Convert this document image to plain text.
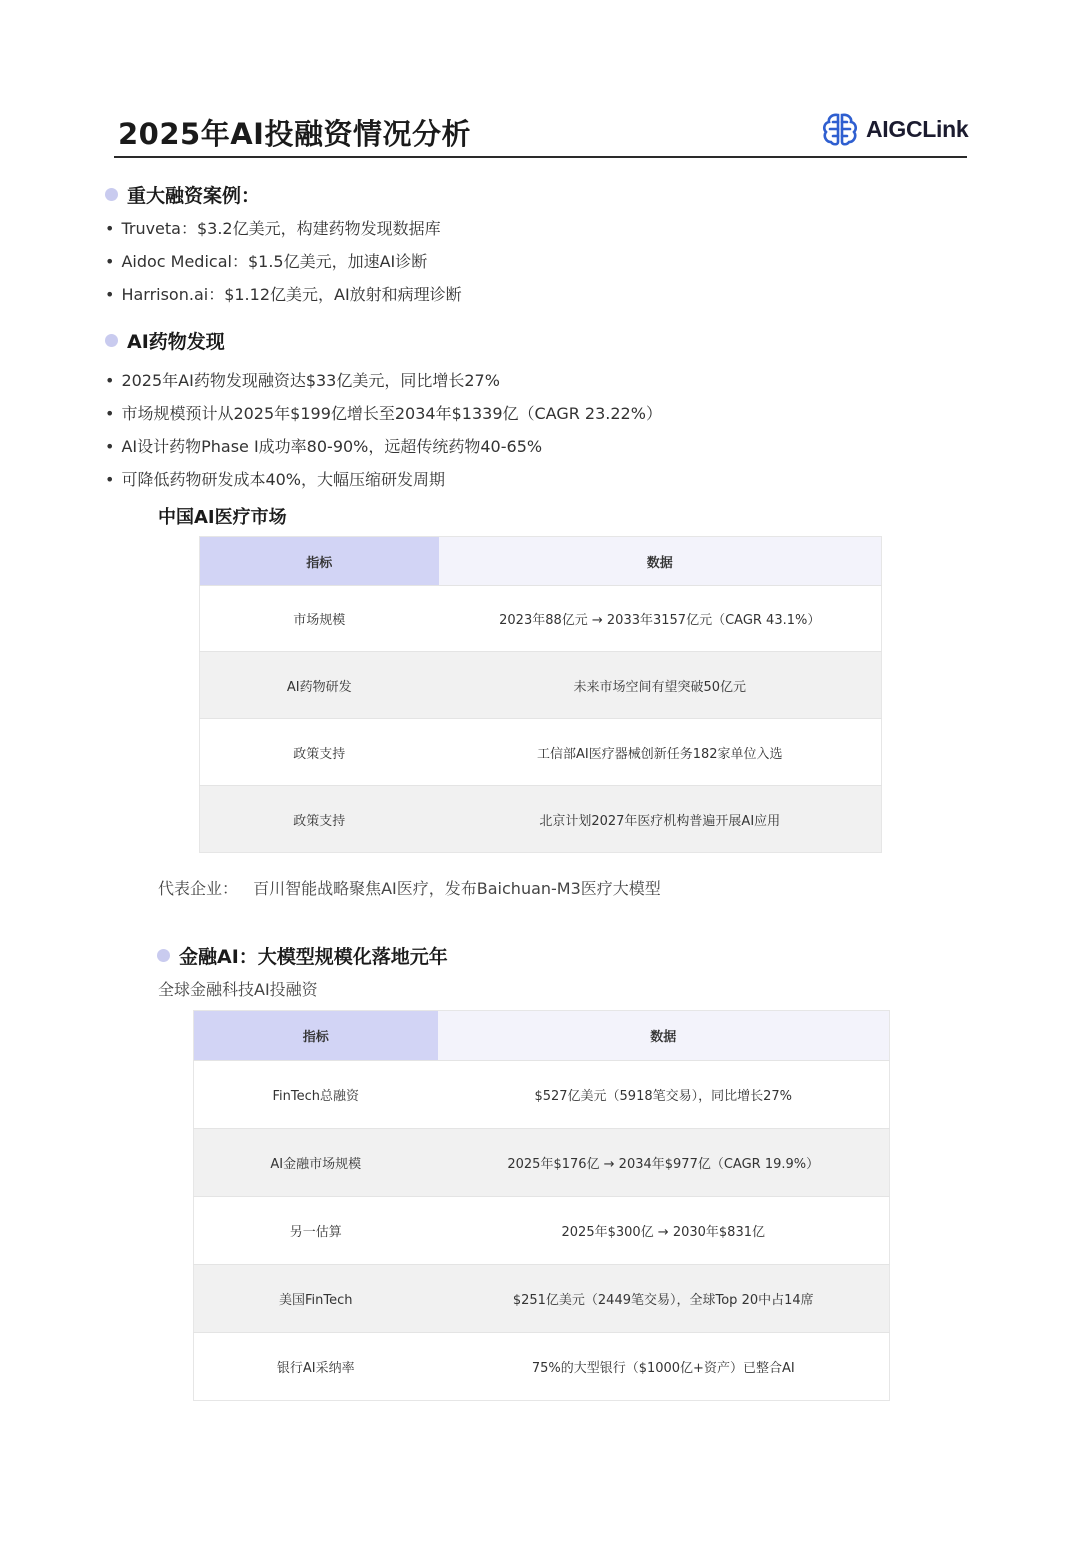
2025年AI投融资情况分析	AIGCLink
重大融资案例：
• Truveta：$3.2亿美元，构建药物发现数据库
• Aidoc Medical：$1.5亿美元，加速AI诊断
• Harrison.ai：$1.12亿美元，AI放射和病理诊断
AI药物发现
• 2025年AI药物发现融资达$33亿美元，同比增长27%
• 市场规模预计从2025年$199亿增长至2034年$1339亿（CAGR 23.22%）
• AI设计药物Phase I成功率80-90%，远超传统药物40-65%
• 可降低药物研发成本40%，大幅压缩研发周期
中国AI医疗市场
指标	数据
市场规模	2023年88亿元 → 2033年3157亿元（CAGR 43.1%）
AI药物研发	未来市场空间有望突破50亿元
政策支持	工信部AI医疗器械创新任务182家单位入选
政策支持	北京计划2027年医疗机构普遍开展AI应用
代表企业： 百川智能战略聚焦AI医疗，发布Baichuan-M3医疗大模型
金融AI：大模型规模化落地元年
全球金融科技AI投融资
指标	数据
FinTech总融资	$527亿美元（5918笔交易），同比增长27%
AI金融市场规模	2025年$176亿 → 2034年$977亿（CAGR 19.9%）
另一估算	2025年$300亿 → 2030年$831亿
美国FinTech	$251亿美元（2449笔交易），全球Top 20中占14席
银行AI采纳率	75%的大型银行（$1000亿+资产）已整合AI
